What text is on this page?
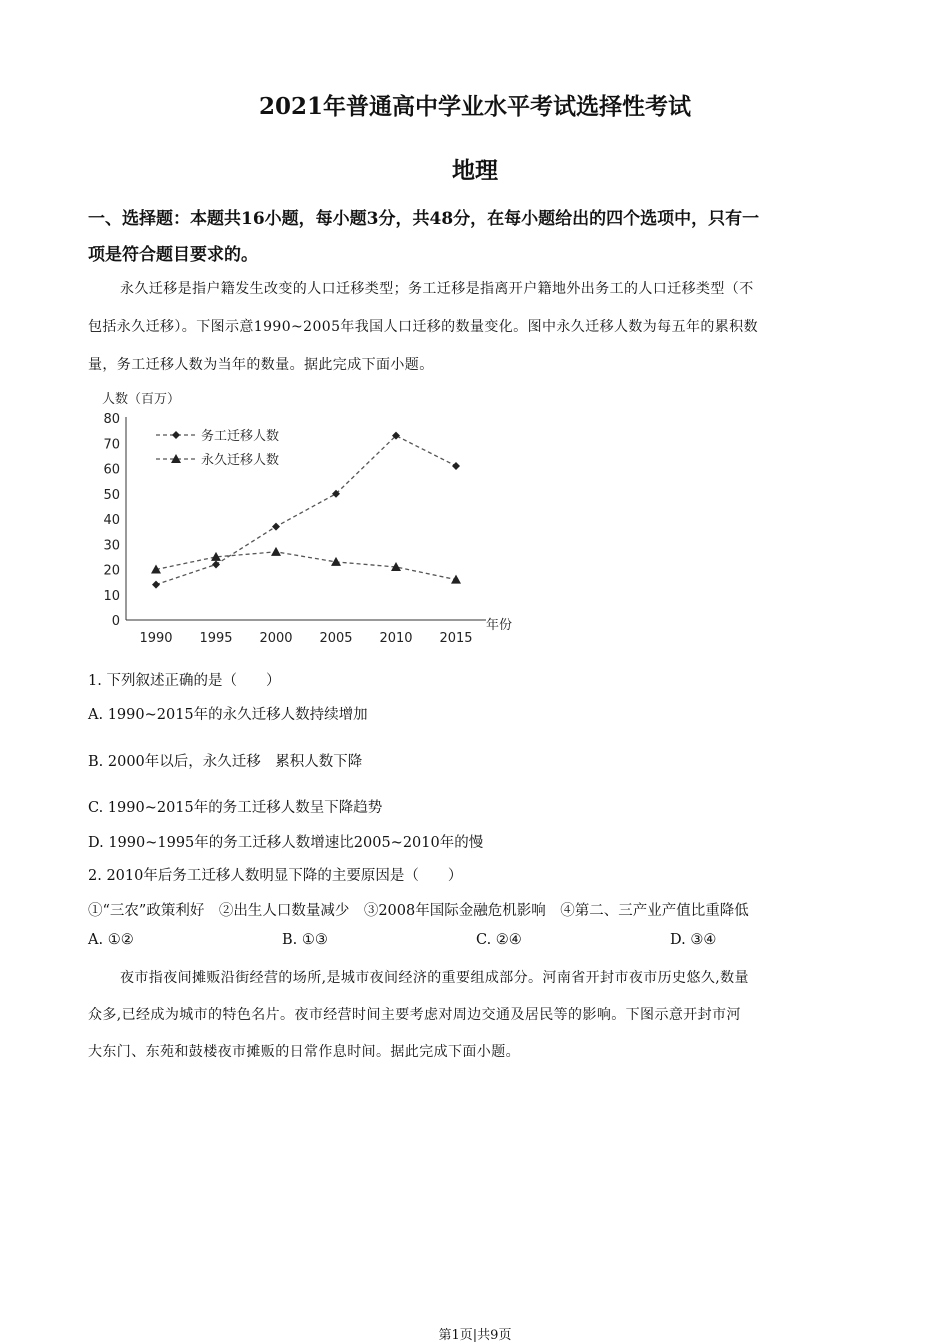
2021年普通高中学业水平考试选择性考试
地理
一、选择题：本题共16小题，每小题3分，共48分，在每小题给出的四个选项中，只有一
项是符合题目要求的。
永久迁移是指户籍发生改变的人口迁移类型；务工迁移是指离开户籍地外出务工的人口迁移类型（不
包括永久迁移）。下图示意1990~2005年我国人口迁移的数量变化。图中永久迁移人数为每五年的累积数
量，务工迁移人数为当年的数量。据此完成下面小题。
人数（百万）
0
10
20
30
40
50
60
70
80
1990 1995 2000 2005 2010 2015
年份
务工迁移人数
永久迁移人数
1. 下列叙述正确的是（　　）
A. 1990~2015年的永久迁移人数持续增加
B. 2000年以后，永久迁移　累积人数下降
C. 1990~2015年的务工迁移人数呈下降趋势
D. 1990~1995年的务工迁移人数增速比2005~2010年的慢
2. 2010年后务工迁移人数明显下降的主要原因是（　　）
①“三农”政策利好　②出生人口数量减少　③2008年国际金融危机影响　④第二、三产业产值比重降低
A. ①②	B. ①③	C. ②④	D. ③④
夜市指夜间摊贩沿街经营的场所,是城市夜间经济的重要组成部分。河南省开封市夜市历史悠久,数量
众多,已经成为城市的特色名片。夜市经营时间主要考虑对周边交通及居民等的影响。下图示意开封市河
大东门、东苑和鼓楼夜市摊贩的日常作息时间。据此完成下面小题。
第1页|共9页
